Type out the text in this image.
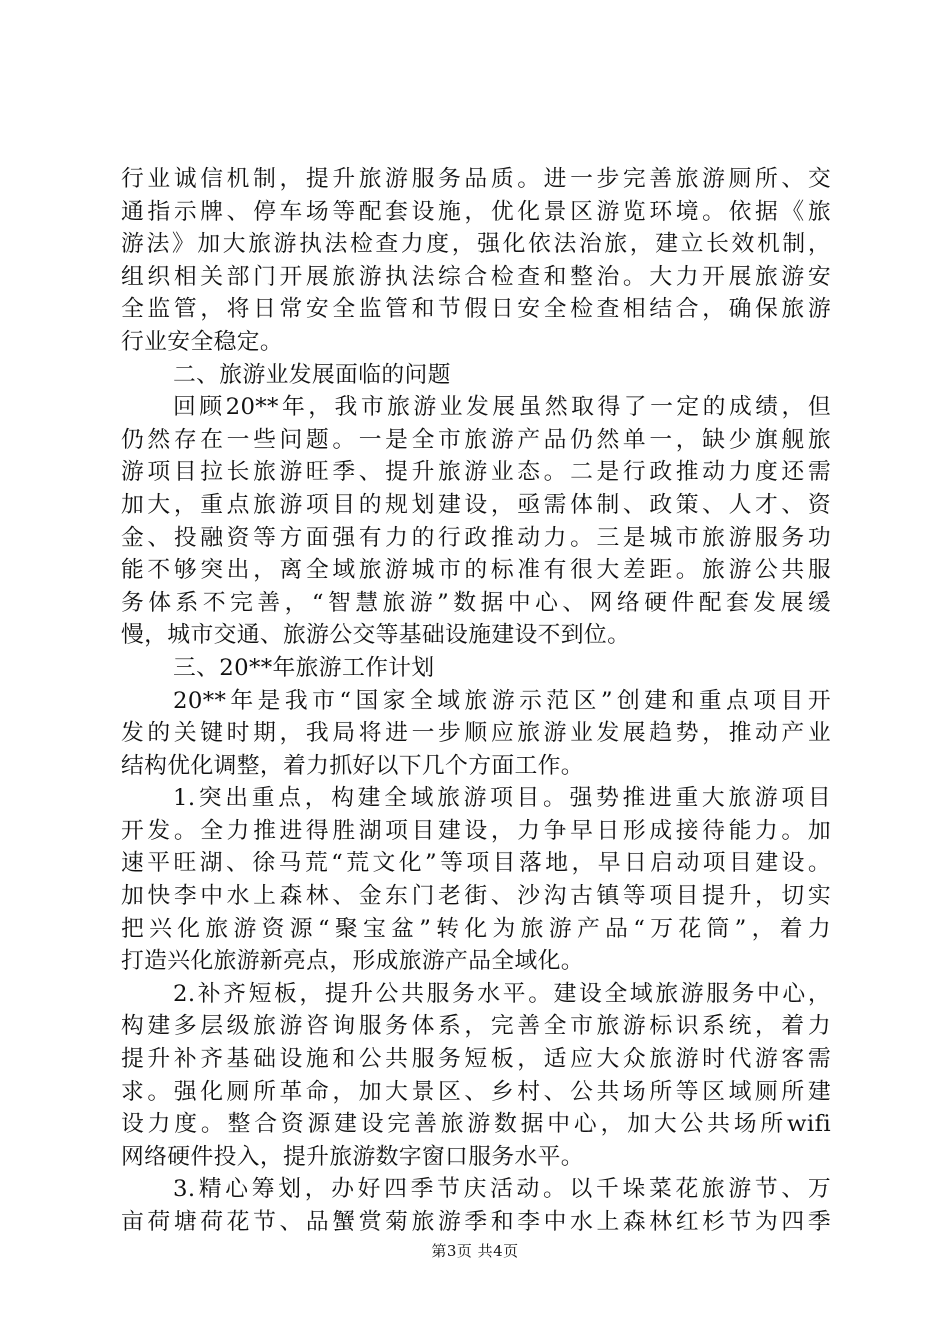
行业诚信机制，提升旅游服务品质。进一步完善旅游厕所、交
通指示牌、停车场等配套设施，优化景区游览环境。依据《旅
游法》加大旅游执法检查力度，强化依法治旅，建立长效机制，
组织相关部门开展旅游执法综合检查和整治。大力开展旅游安
全监管，将日常安全监管和节假日安全检查相结合，确保旅游
行业安全稳定。
二、旅游业发展面临的问题
回顾20**年，我市旅游业发展虽然取得了一定的成绩，但
仍然存在一些问题。一是全市旅游产品仍然单一，缺少旗舰旅
游项目拉长旅游旺季、提升旅游业态。二是行政推动力度还需
加大，重点旅游项目的规划建设，亟需体制、政策、人才、资
金、投融资等方面强有力的行政推动力。三是城市旅游服务功
能不够突出，离全域旅游城市的标准有很大差距。旅游公共服
务体系不完善，“智慧旅游”数据中心、网络硬件配套发展缓
慢，城市交通、旅游公交等基础设施建设不到位。
三、20**年旅游工作计划
20**年是我市“国家全域旅游示范区”创建和重点项目开
发的关键时期，我局将进一步顺应旅游业发展趋势，推动产业
结构优化调整，着力抓好以下几个方面工作。
1.突出重点，构建全域旅游项目。强势推进重大旅游项目
开发。全力推进得胜湖项目建设，力争早日形成接待能力。加
速平旺湖、徐马荒“荒文化”等项目落地，早日启动项目建设。
加快李中水上森林、金东门老街、沙沟古镇等项目提升，切实
把兴化旅游资源“聚宝盆”转化为旅游产品“万花筒”，着力
打造兴化旅游新亮点，形成旅游产品全域化。
2.补齐短板，提升公共服务水平。建设全域旅游服务中心，
构建多层级旅游咨询服务体系，完善全市旅游标识系统，着力
提升补齐基础设施和公共服务短板，适应大众旅游时代游客需
求。强化厕所革命，加大景区、乡村、公共场所等区域厕所建
设力度。整合资源建设完善旅游数据中心，加大公共场所wifi
网络硬件投入，提升旅游数字窗口服务水平。
3.精心筹划，办好四季节庆活动。以千垛菜花旅游节、万
亩荷塘荷花节、品蟹赏菊旅游季和李中水上森林红杉节为四季
第3页 共4页
